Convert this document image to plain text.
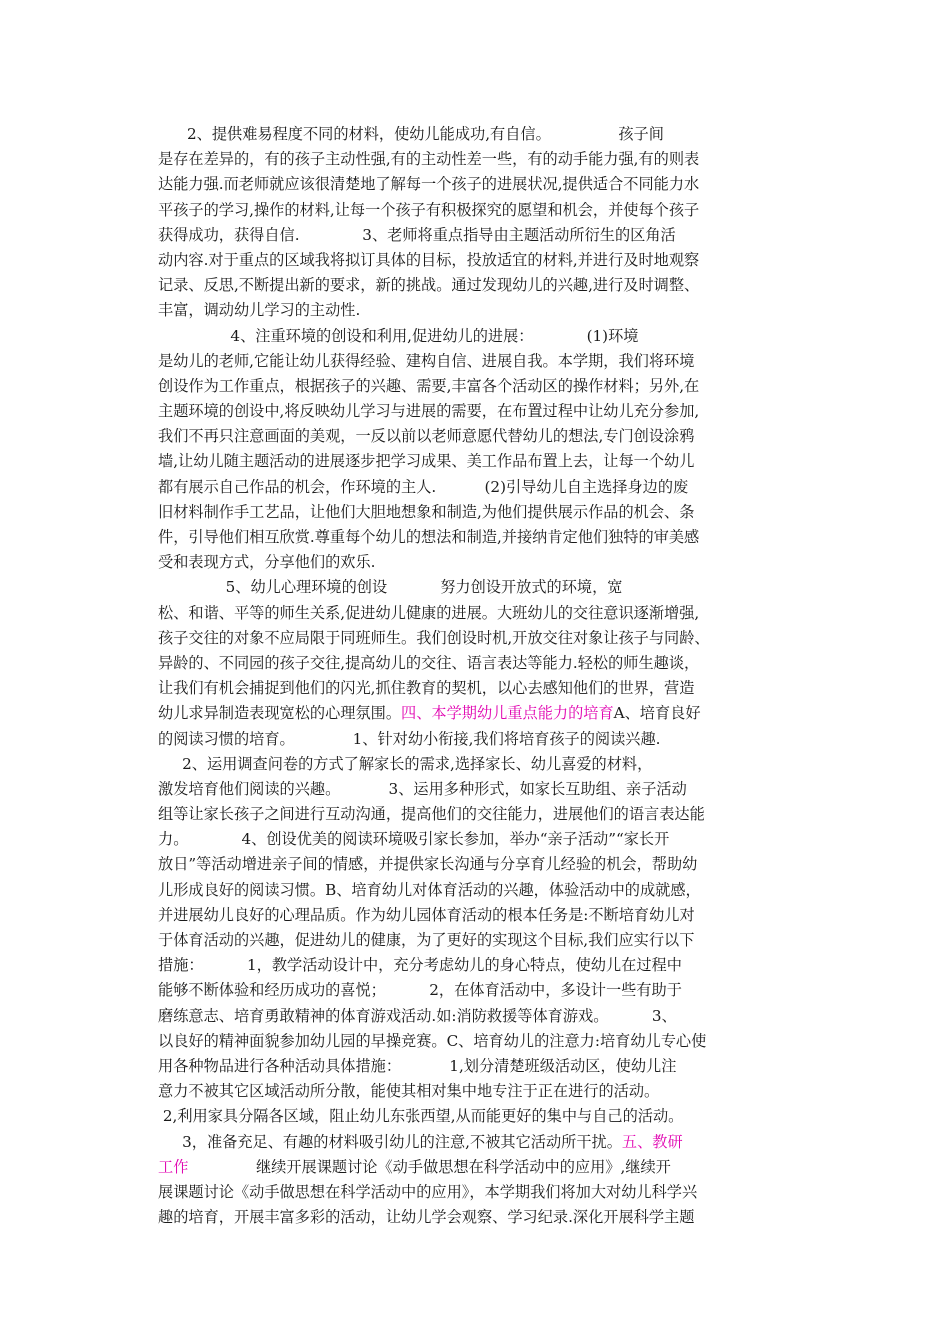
2、提供难易程度不同的材料，使幼儿能成功,有自信。              孩子间
是存在差异的，有的孩子主动性强,有的主动性差一些，有的动手能力强,有的则表
达能力强.而老师就应该很清楚地了解每一个孩子的进展状况,提供适合不同能力水
平孩子的学习,操作的材料,让每一个孩子有积极探究的愿望和机会，并使每个孩子
获得成功，获得自信.             3、老师将重点指导由主题活动所衍生的区角活
动内容.对于重点的区域我将拟订具体的目标，投放适宜的材料,并进行及时地观察
记录、反思,不断提出新的要求，新的挑战。通过发现幼儿的兴趣,进行及时调整、
丰富，调动幼儿学习的主动性.
4、注重环境的创设和利用,促进幼儿的进展：           (1)环境
是幼儿的老师,它能让幼儿获得经验、建构自信、进展自我。本学期，我们将环境
创设作为工作重点，根据孩子的兴趣、需要,丰富各个活动区的操作材料；另外,在
主题环境的创设中,将反映幼儿学习与进展的需要，在布置过程中让幼儿充分参加,
我们不再只注意画面的美观，一反以前以老师意愿代替幼儿的想法,专门创设涂鸦
墙,让幼儿随主题活动的进展逐步把学习成果、美工作品布置上去，让每一个幼儿
都有展示自己作品的机会，作环境的主人.          (2)引导幼儿自主选择身边的废
旧材料制作手工艺品，让他们大胆地想象和制造,为他们提供展示作品的机会、条
件，引导他们相互欣赏.尊重每个幼儿的想法和制造,并接纳肯定他们独特的审美感
受和表现方式，分享他们的欢乐.
5、幼儿心理环境的创设           努力创设开放式的环境，宽
松、和谐、平等的师生关系,促进幼儿健康的进展。大班幼儿的交往意识逐渐增强,
孩子交往的对象不应局限于同班师生。我们创设时机,开放交往对象让孩子与同龄、
异龄的、不同园的孩子交往,提高幼儿的交往、语言表达等能力.轻松的师生趣谈，
让我们有机会捕捉到他们的闪光,抓住教育的契机，以心去感知他们的世界，营造
幼儿求异制造表现宽松的心理氛围。四、本学期幼儿重点能力的培育A、培育良好
的阅读习惯的培育。            1、针对幼小衔接,我们将培育孩子的阅读兴趣.
2、运用调查问卷的方式了解家长的需求,选择家长、幼儿喜爱的材料，
激发培育他们阅读的兴趣。          3、运用多种形式，如家长互助组、亲子活动
组等让家长孩子之间进行互动沟通，提高他们的交往能力，进展他们的语言表达能
力。           4、创设优美的阅读环境吸引家长参加，举办“亲子活动”“家长开
放日”等活动增进亲子间的情感，并提供家长沟通与分享育儿经验的机会，帮助幼
儿形成良好的阅读习惯。B、培育幼儿对体育活动的兴趣，体验活动中的成就感，
并进展幼儿良好的心理品质。作为幼儿园体育活动的根本任务是:不断培育幼儿对
于体育活动的兴趣，促进幼儿的健康，为了更好的实现这个目标,我们应实行以下
措施：         1，教学活动设计中，充分考虑幼儿的身心特点，使幼儿在过程中
能够不断体验和经历成功的喜悦；         2，在体育活动中，多设计一些有助于
磨练意志、培育勇敢精神的体育游戏活动.如:消防救援等体育游戏。         3、
以良好的精神面貌参加幼儿园的早操竞赛。C、培育幼儿的注意力:培育幼儿专心使
用各种物品进行各种活动具体措施：          1,划分清楚班级活动区，使幼儿注
意力不被其它区域活动所分散，能使其相对集中地专注于正在进行的活动。
2,利用家具分隔各区域，阻止幼儿东张西望,从而能更好的集中与自己的活动。
3，准备充足、有趣的材料吸引幼儿的注意,不被其它活动所干扰。五、教研
工作              继续开展课题讨论《动手做思想在科学活动中的应用》,继续开
展课题讨论《动手做思想在科学活动中的应用》，本学期我们将加大对幼儿科学兴
趣的培育，开展丰富多彩的活动，让幼儿学会观察、学习纪录.深化开展科学主题
